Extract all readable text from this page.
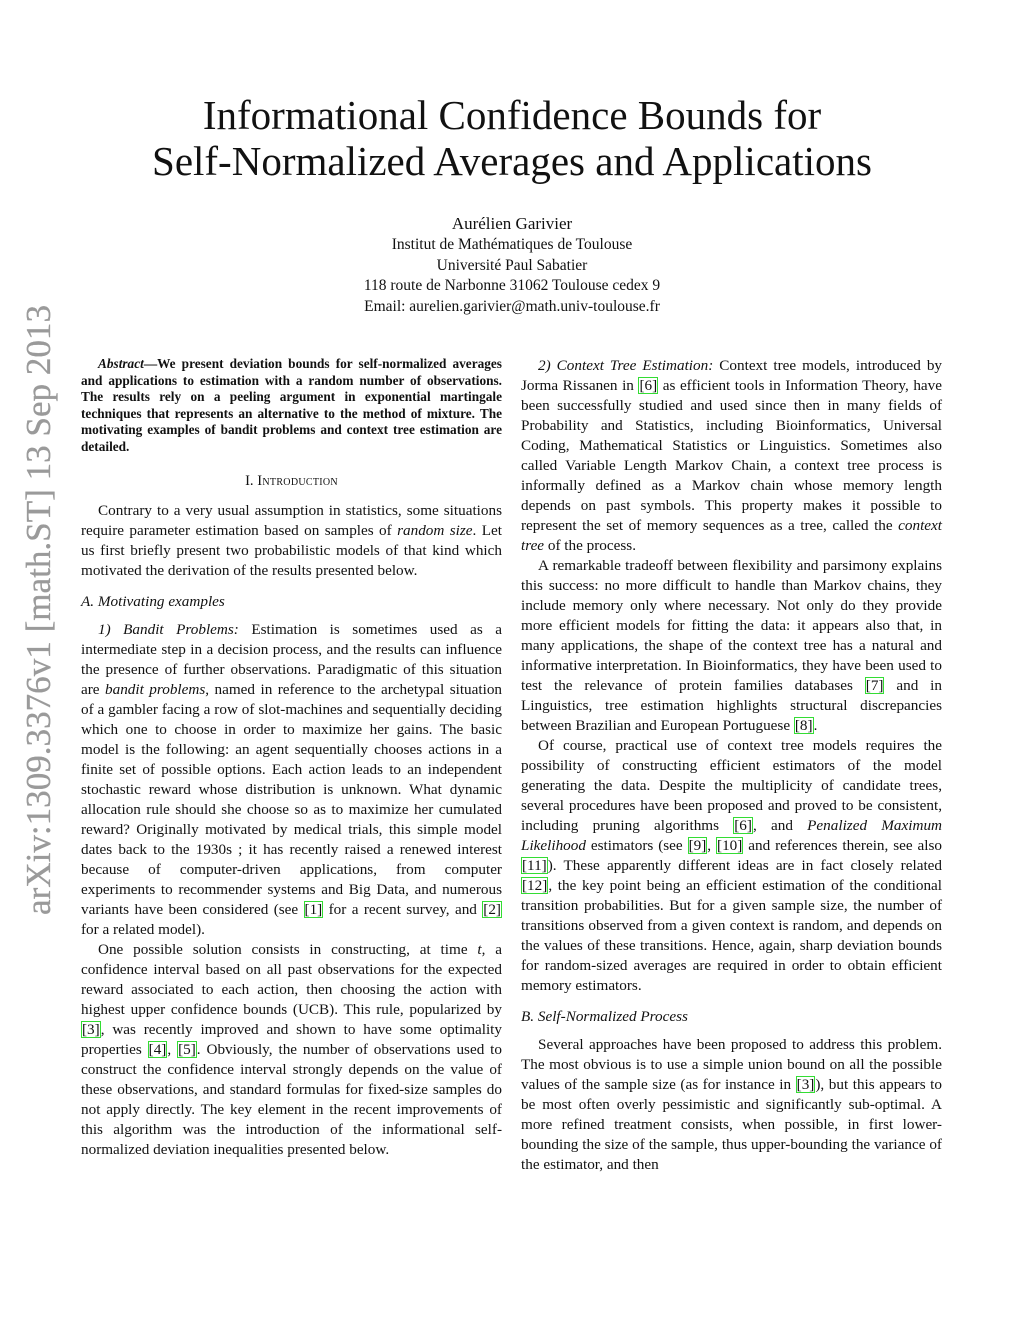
arXiv:1309.3376v1 [math.ST] 13 Sep 2013
Informational Confidence Bounds for
Self-Normalized Averages and Applications
Aurélien Garivier
Institut de Mathématiques de Toulouse
Université Paul Sabatier
118 route de Narbonne 31062 Toulouse cedex 9
Email: aurelien.garivier@math.univ-toulouse.fr

Abstract—We present deviation bounds for self-normalized averages and applications to estimation with a random number of observations. The results rely on a peeling argument in exponential martingale techniques that represents an alternative to the method of mixture. The motivating examples of bandit problems and context tree estimation are detailed.

I. Introduction

Contrary to a very usual assumption in statistics, some situations require parameter estimation based on samples of random size. Let us first briefly present two probabilistic models of that kind which motivated the derivation of the results presented below.

A. Motivating examples

1) Bandit Problems: Estimation is sometimes used as a intermediate step in a decision process, and the results can influence the presence of further observations. Paradigmatic of this situation are bandit problems, named in reference to the archetypal situation of a gambler facing a row of slot-machines and sequentially deciding which one to choose in order to maximize her gains. The basic model is the following: an agent sequentially chooses actions in a finite set of possible options. Each action leads to an independent stochastic reward whose distribution is unknown. What dynamic allocation rule should she choose so as to maximize her cumulated reward? Originally motivated by medical trials, this simple model dates back to the 1930s ; it has recently raised a renewed interest because of computer-driven applications, from computer experiments to recommender systems and Big Data, and numerous variants have been considered (see [1] for a recent survey, and [2] for a related model).

One possible solution consists in constructing, at time t, a confidence interval based on all past observations for the expected reward associated to each action, then choosing the action with highest upper confidence bounds (UCB). This rule, popularized by [3], was recently improved and shown to have some optimality properties [4], [5]. Obviously, the number of observations used to construct the confidence interval strongly depends on the value of these observations, and standard formulas for fixed-size samples do not apply directly. The key element in the recent improvements of this algorithm was the introduction of the informational self-normalized deviation inequalities presented below.

2) Context Tree Estimation: Context tree models, introduced by Jorma Rissanen in [6] as efficient tools in Information Theory, have been successfully studied and used since then in many fields of Probability and Statistics, including Bioinformatics, Universal Coding, Mathematical Statistics or Linguistics. Sometimes also called Variable Length Markov Chain, a context tree process is informally defined as a Markov chain whose memory length depends on past symbols. This property makes it possible to represent the set of memory sequences as a tree, called the context tree of the process.

A remarkable tradeoff between flexibility and parsimony explains this success: no more difficult to handle than Markov chains, they include memory only where necessary. Not only do they provide more efficient models for fitting the data: it appears also that, in many applications, the shape of the context tree has a natural and informative interpretation. In Bioinformatics, they have been used to test the relevance of protein families databases [7] and in Linguistics, tree estimation highlights structural discrepancies between Brazilian and European Portuguese [8].

Of course, practical use of context tree models requires the possibility of constructing efficient estimators of the model generating the data. Despite the multiplicity of candidate trees, several procedures have been proposed and proved to be consistent, including pruning algorithms [6], and Penalized Maximum Likelihood estimators (see [9], [10] and references therein, see also [11]). These apparently different ideas are in fact closely related [12], the key point being an efficient estimation of the conditional transition probabilities. But for a given sample size, the number of transitions observed from a given context is random, and depends on the values of these transitions. Hence, again, sharp deviation bounds for random-sized averages are required in order to obtain efficient memory estimators.

B. Self-Normalized Process

Several approaches have been proposed to address this problem. The most obvious is to use a simple union bound on all the possible values of the sample size (as for instance in [3]), but this appears to be most often overly pessimistic and significantly sub-optimal. A more refined treatment consists, when possible, in first lower-bounding the size of the sample, thus upper-bounding the variance of the estimator, and then
